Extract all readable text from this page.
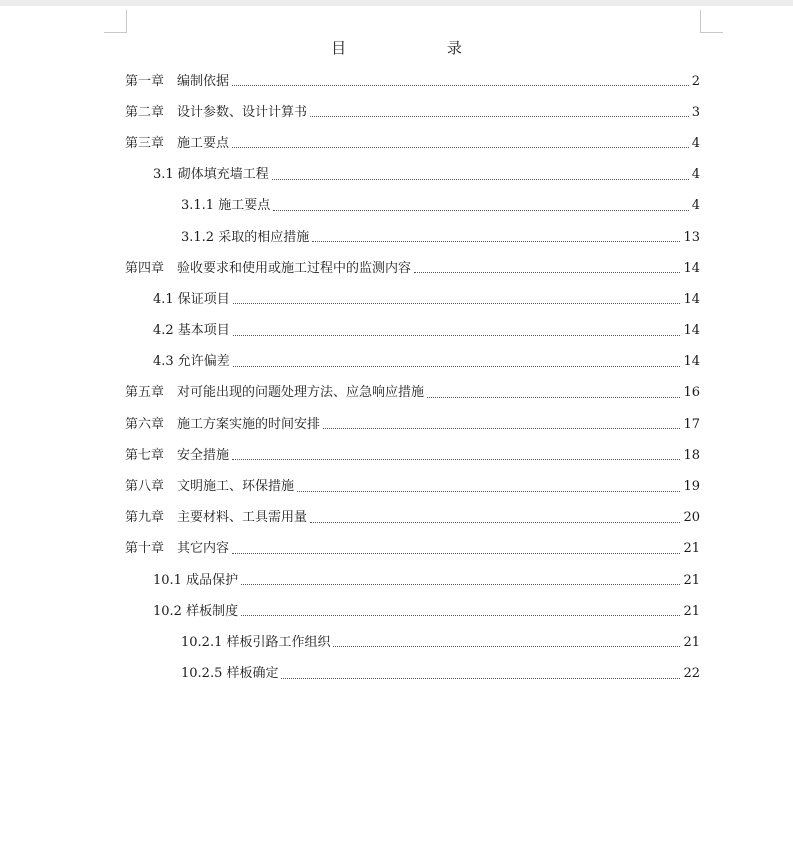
目 录
第一章　编制依据	2
第二章　设计参数、设计计算书	3
第三章　施工要点	4
3.1 砌体填充墙工程	4
3.1.1 施工要点	4
3.1.2 采取的相应措施	13
第四章　验收要求和使用或施工过程中的监测内容	14
4.1 保证项目	14
4.2 基本项目	14
4.3 允许偏差	14
第五章　对可能出现的问题处理方法、应急响应措施	16
第六章　施工方案实施的时间安排	17
第七章　安全措施	18
第八章　文明施工、环保措施	19
第九章　主要材料、工具需用量	20
第十章　其它内容	21
10.1 成品保护	21
10.2 样板制度	21
10.2.1 样板引路工作组织	21
10.2.5 样板确定	22
